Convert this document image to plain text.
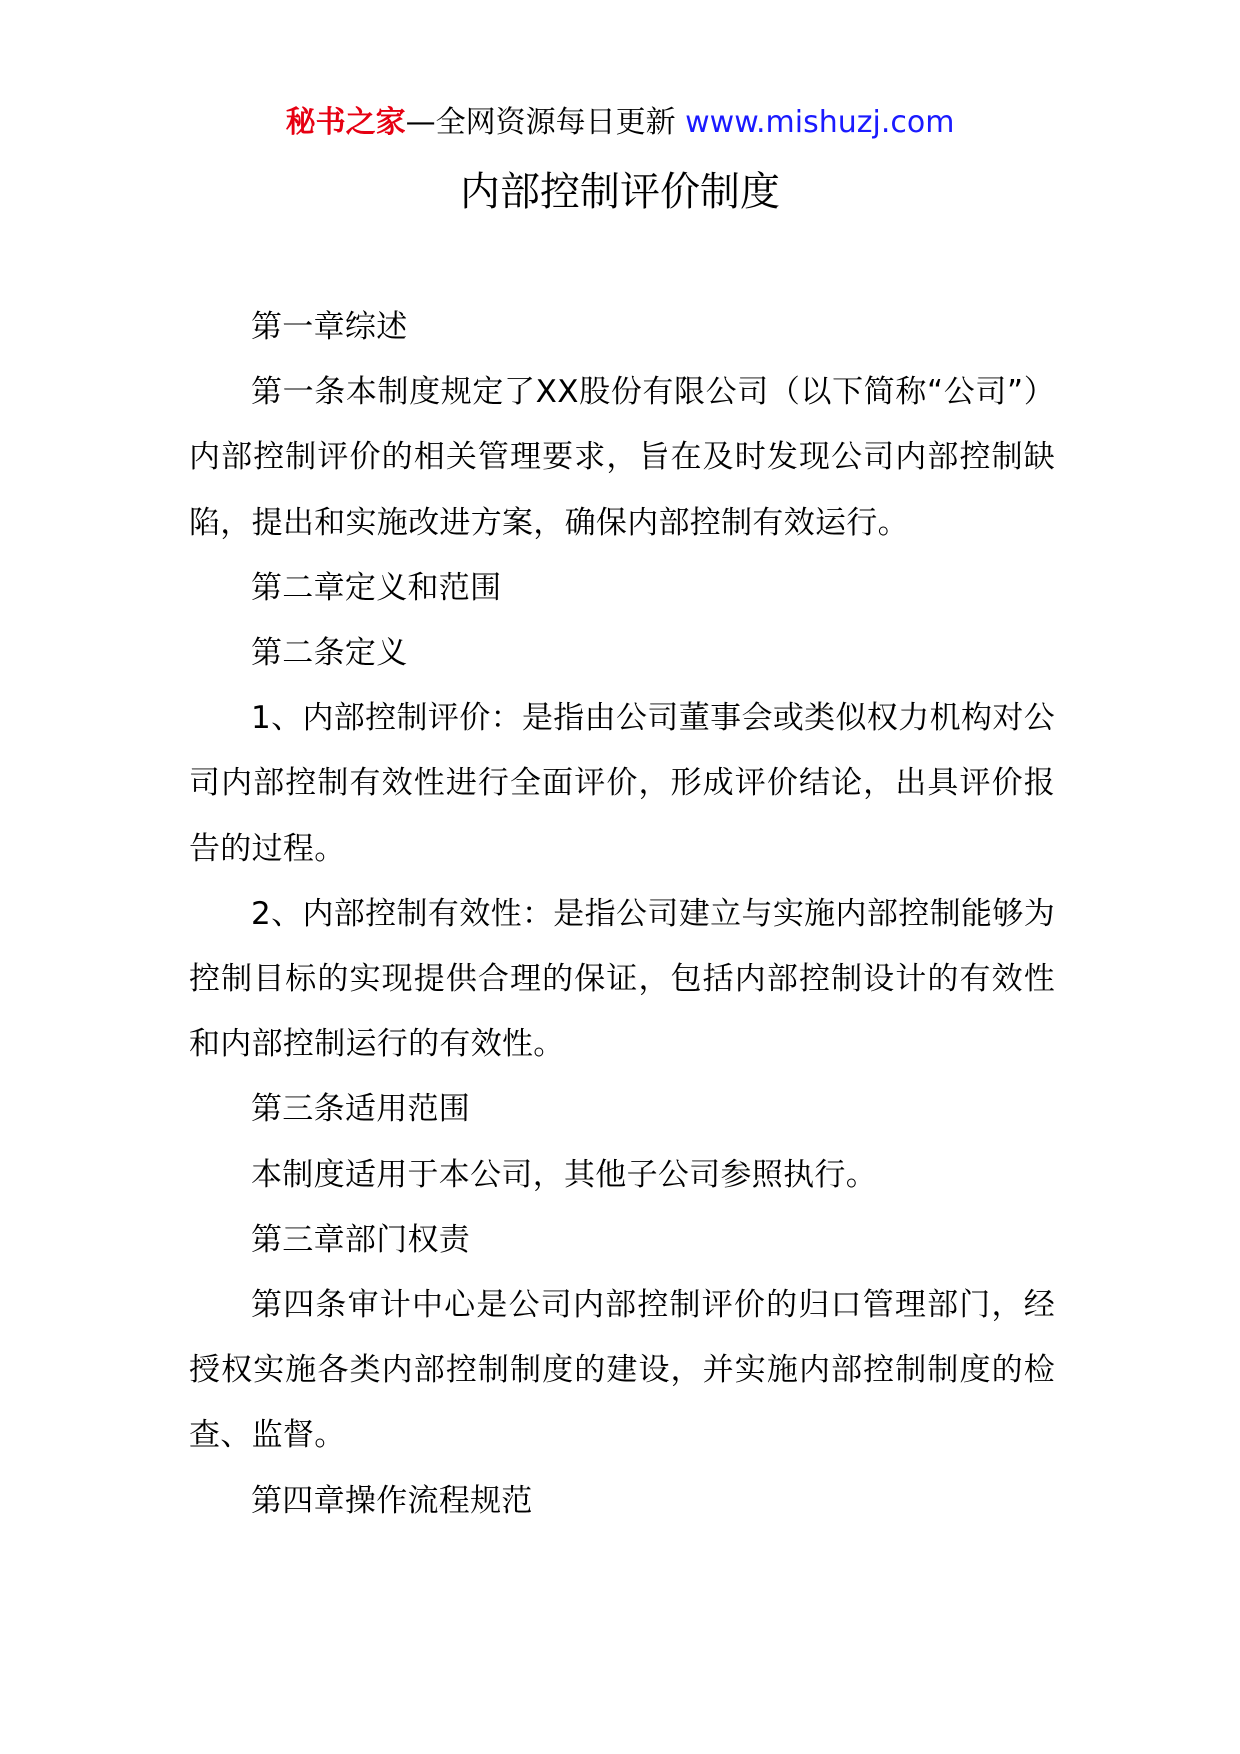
秘书之家—全网资源每日更新 www.mishuzj.com
内部控制评价制度

第一章综述

第一条本制度规定了XX股份有限公司（以下简称“公司”）内部控制评价的相关管理要求，旨在及时发现公司内部控制缺陷，提出和实施改进方案，确保内部控制有效运行。

第二章定义和范围

第二条定义

1、内部控制评价：是指由公司董事会或类似权力机构对公司内部控制有效性进行全面评价，形成评价结论，出具评价报告的过程。

2、内部控制有效性：是指公司建立与实施内部控制能够为控制目标的实现提供合理的保证，包括内部控制设计的有效性和内部控制运行的有效性。

第三条适用范围

本制度适用于本公司，其他子公司参照执行。

第三章部门权责

第四条审计中心是公司内部控制评价的归口管理部门，经授权实施各类内部控制制度的建设，并实施内部控制制度的检查、监督。

第四章操作流程规范
